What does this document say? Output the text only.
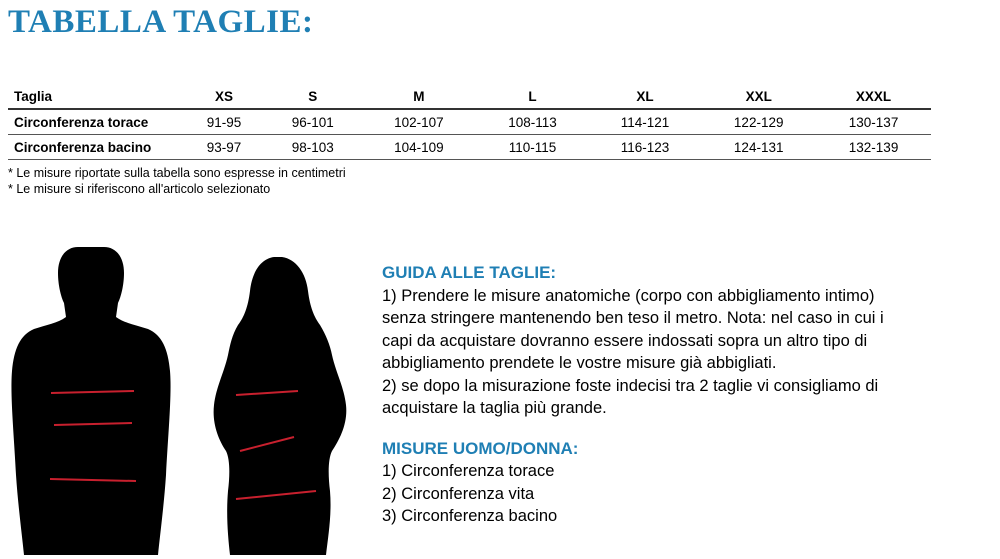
TABELLA TAGLIE:
Taglia	XS	S	M	L	XL	XXL	XXXL
Circonferenza torace	91-95	96-101	102-107	108-113	114-121	122-129	130-137
Circonferenza bacino	93-97	98-103	104-109	110-115	116-123	124-131	132-139
* Le misure riportate sulla tabella sono espresse in centimetri
* Le misure si riferiscono all'articolo selezionato
GUIDA ALLE TAGLIE:
1) Prendere le misure anatomiche (corpo con abbigliamento intimo)
senza stringere mantenendo ben teso il metro. Nota: nel caso in cui i
capi da acquistare dovranno essere indossati sopra un altro tipo di
abbigliamento prendete le vostre misure già abbigliati.
2) se dopo la misurazione foste indecisi tra 2 taglie vi consigliamo di
acquistare la taglia più grande.
MISURE UOMO/DONNA:
1) Circonferenza torace
2) Circonferenza vita
3) Circonferenza bacino
